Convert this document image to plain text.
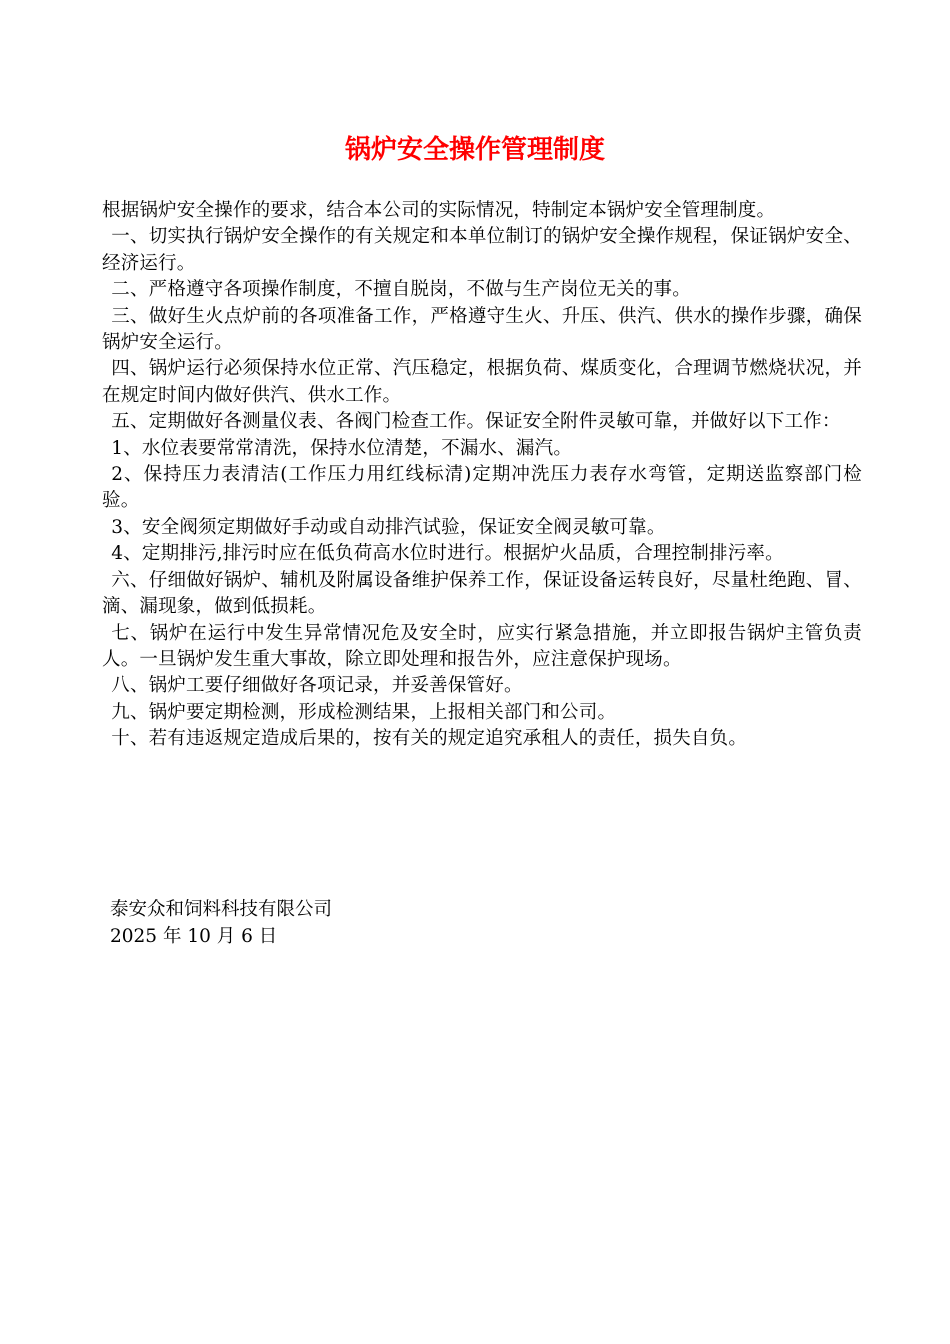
锅炉安全操作管理制度

根据锅炉安全操作的要求，结合本公司的实际情况，特制定本锅炉安全管理制度。

一、切实执行锅炉安全操作的有关规定和本单位制订的锅炉安全操作规程，保证锅炉安全、经济运行。

二、严格遵守各项操作制度，不擅自脱岗，不做与生产岗位无关的事。

三、做好生火点炉前的各项准备工作，严格遵守生火、升压、供汽、供水的操作步骤，确保锅炉安全运行。

四、锅炉运行必须保持水位正常、汽压稳定，根据负荷、煤质变化，合理调节燃烧状况，并在规定时间内做好供汽、供水工作。

五、定期做好各测量仪表、各阀门检查工作。保证安全附件灵敏可靠，并做好以下工作：

1、水位表要常常清洗，保持水位清楚，不漏水、漏汽。

2、保持压力表清洁(工作压力用红线标清)定期冲洗压力表存水弯管，定期送监察部门检验。

3、安全阀须定期做好手动或自动排汽试验，保证安全阀灵敏可靠。

4、定期排污,排污时应在低负荷高水位时进行。根据炉火品质，合理控制排污率。

六、仔细做好锅炉、辅机及附属设备维护保养工作，保证设备运转良好，尽量杜绝跑、冒、滴、漏现象，做到低损耗。

七、锅炉在运行中发生异常情况危及安全时，应实行紧急措施，并立即报告锅炉主管负责人。一旦锅炉发生重大事故，除立即处理和报告外，应注意保护现场。

八、锅炉工要仔细做好各项记录，并妥善保管好。

九、锅炉要定期检测，形成检测结果，上报相关部门和公司。

十、若有违返规定造成后果的，按有关的规定追究承租人的责任，损失自负。

泰安众和饲料科技有限公司
2025 年 10 月 6 日
